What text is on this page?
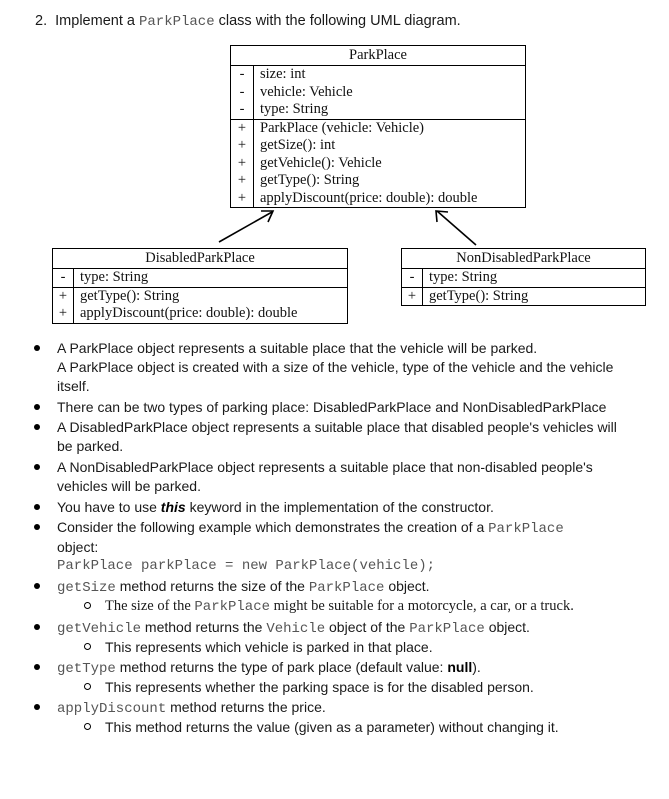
2. Implement a ParkPlace class with the following UML diagram.
ParkPlace
-	size: int
-	vehicle: Vehicle
-	type: String
+ ParkPlace (vehicle: Vehicle)
+ getSize(): int
+ getVehicle(): Vehicle
+ getType(): String
+ applyDiscount(price: double): double
DisabledParkPlace
-	type: String
+ getType(): String
+ applyDiscount(price: double): double
NonDisabledParkPlace
-	type: String
+ getType(): String
A ParkPlace object represents a suitable place that the vehicle will be parked.
A ParkPlace object is created with a size of the vehicle, type of the vehicle and the vehicle
itself.
There can be two types of parking place: DisabledParkPlace and NonDisabledParkPlace
A DisabledParkPlace object represents a suitable place that disabled people's vehicles will
be parked.
A NonDisabledParkPlace object represents a suitable place that non-disabled people's
vehicles will be parked.
You have to use this keyword in the implementation of the constructor.
Consider the following example which demonstrates the creation of a ParkPlace
object:
ParkPlace parkPlace = new ParkPlace(vehicle);
getSize method returns the size of the ParkPlace object.
The size of the ParkPlace might be suitable for a motorcycle, a car, or a truck.
getVehicle method returns the Vehicle object of the ParkPlace object.
This represents which vehicle is parked in that place.
getType method returns the type of park place (default value: null).
This represents whether the parking space is for the disabled person.
applyDiscount method returns the price.
This method returns the value (given as a parameter) without changing it.
